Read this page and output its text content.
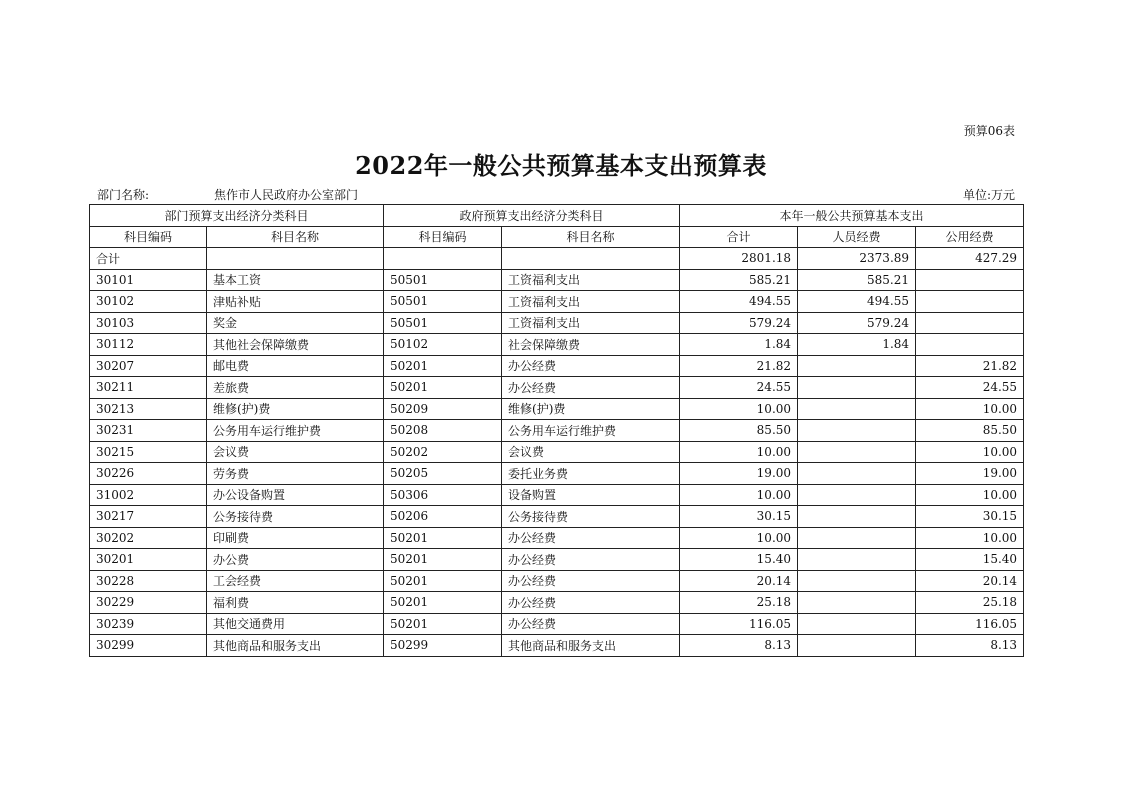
预算06表
2022年一般公共预算基本支出预算表
部门名称:	焦作市人民政府办公室部门	单位:万元
部门预算支出经济分类科目		政府预算支出经济分类科目		本年一般公共预算基本支出		
科目编码	科目名称	科目编码	科目名称	合计	人员经费	公用经费
合计				2801.18	2373.89	427.29
30101	基本工资	50501	工资福利支出	585.21	585.21	
30102	津贴补贴	50501	工资福利支出	494.55	494.55	
30103	奖金	50501	工资福利支出	579.24	579.24	
30112	其他社会保障缴费	50102	社会保障缴费	1.84	1.84	
30207	邮电费	50201	办公经费	21.82		21.82
30211	差旅费	50201	办公经费	24.55		24.55
30213	维修(护)费	50209	维修(护)费	10.00		10.00
30231	公务用车运行维护费	50208	公务用车运行维护费	85.50		85.50
30215	会议费	50202	会议费	10.00		10.00
30226	劳务费	50205	委托业务费	19.00		19.00
31002	办公设备购置	50306	设备购置	10.00		10.00
30217	公务接待费	50206	公务接待费	30.15		30.15
30202	印刷费	50201	办公经费	10.00		10.00
30201	办公费	50201	办公经费	15.40		15.40
30228	工会经费	50201	办公经费	20.14		20.14
30229	福利费	50201	办公经费	25.18		25.18
30239	其他交通费用	50201	办公经费	116.05		116.05
30299	其他商品和服务支出	50299	其他商品和服务支出	8.13		8.13
